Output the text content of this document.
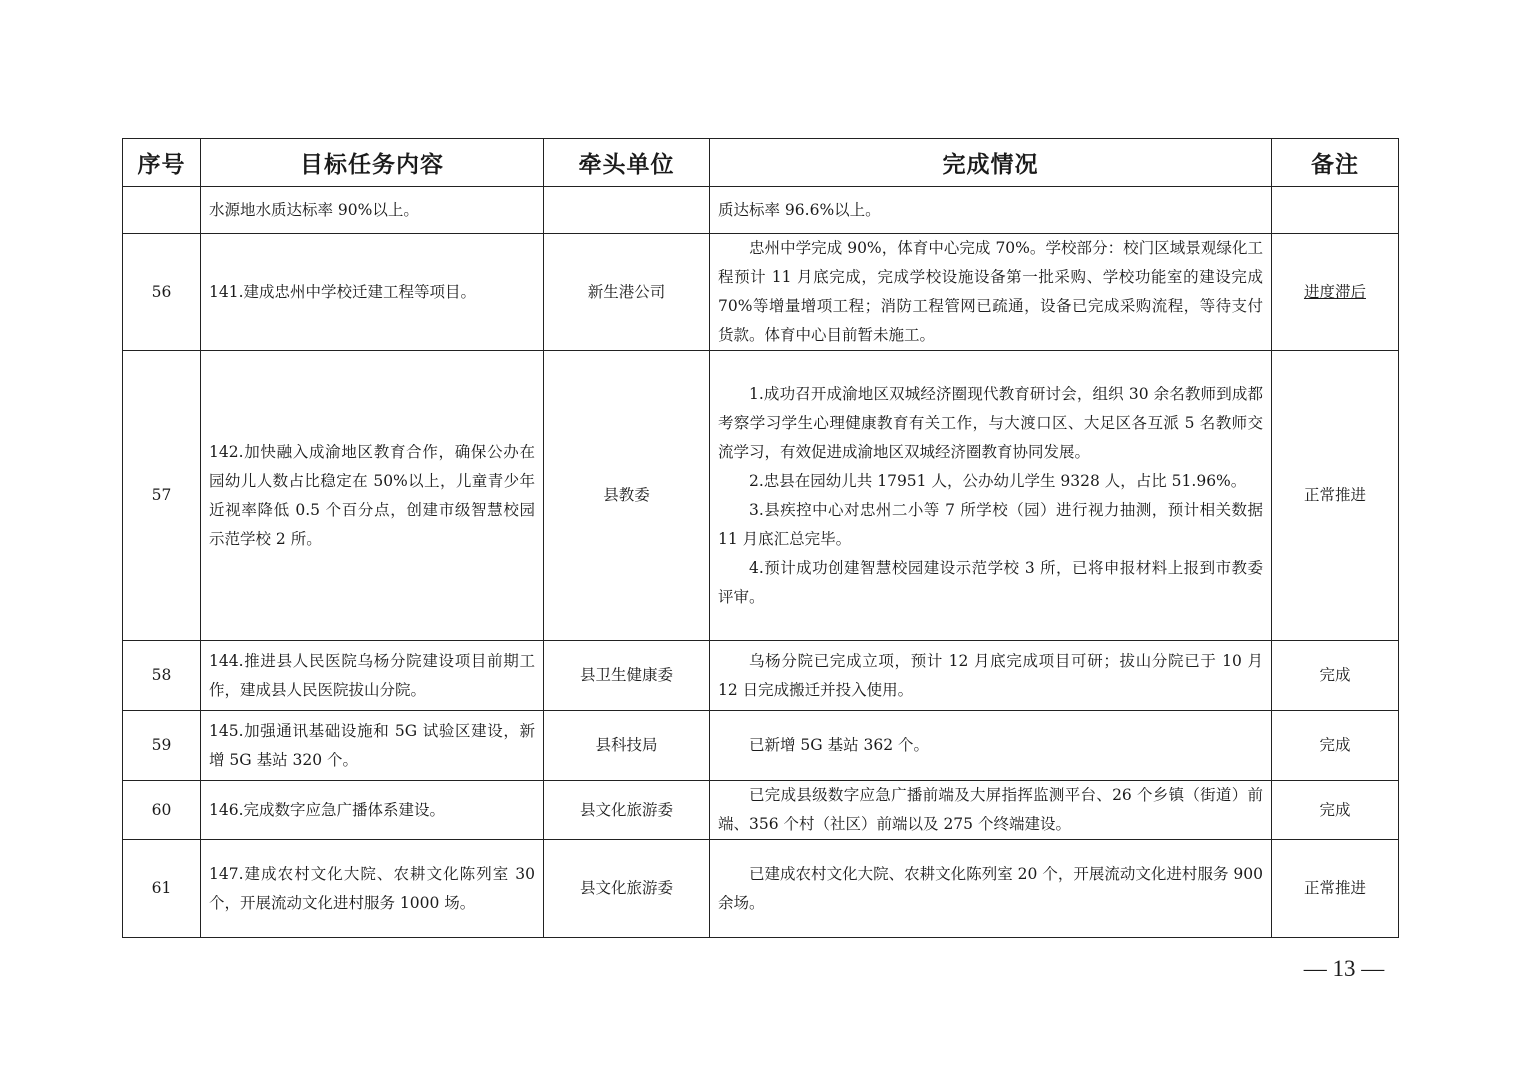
序号	目标任务内容	牵头单位	完成情况	备注
	水源地水质达标率 90%以上。		质达标率 96.6%以上。	

56	141.建成忠州中学校迁建工程等项目。	新生港公司	忠州中学完成 90%，体育中心完成 70%。学校部分：校门区域景观绿化工程预计 11 月底完成，完成学校设施设备第一批采购、学校功能室的建设完成 70%等增量增项工程；消防工程管网已疏通，设备已完成采购流程，等待支付货款。体育中心目前暂未施工。	进度滞后
57	142.加快融入成渝地区教育合作，确保公办在园幼儿人数占比稳定在 50%以上，儿童青少年近视率降低 0.5 个百分点，创建市级智慧校园示范学校 2 所。	县教委	1.成功召开成渝地区双城经济圈现代教育研讨会，组织 30 余名教师到成都考察学习学生心理健康教育有关工作，与大渡口区、大足区各互派 5 名教师交流学习，有效促进成渝地区双城经济圈教育协同发展。

2.忠县在园幼儿共 17951 人，公办幼儿学生 9328 人，占比 51.96%。

3.县疾控中心对忠州二小等 7 所学校（园）进行视力抽测，预计相关数据 11 月底汇总完毕。

4.预计成功创建智慧校园建设示范学校 3 所，已将申报材料上报到市教委评审。	正常推进
58	144.推进县人民医院乌杨分院建设项目前期工作，建成县人民医院拔山分院。	县卫生健康委	乌杨分院已完成立项，预计 12 月底完成项目可研；拔山分院已于 10 月 12 日完成搬迁并投入使用。	完成
59	145.加强通讯基础设施和 5G 试验区建设，新增 5G 基站 320 个。	县科技局	已新增 5G 基站 362 个。	完成
60	146.完成数字应急广播体系建设。	县文化旅游委	已完成县级数字应急广播前端及大屏指挥监测平台、26 个乡镇（街道）前端、356 个村（社区）前端以及 275 个终端建设。	完成
61	147.建成农村文化大院、农耕文化陈列室 30 个，开展流动文化进村服务 1000 场。	县文化旅游委	已建成农村文化大院、农耕文化陈列室 20 个，开展流动文化进村服务 900 余场。	正常推进
— 13 —
